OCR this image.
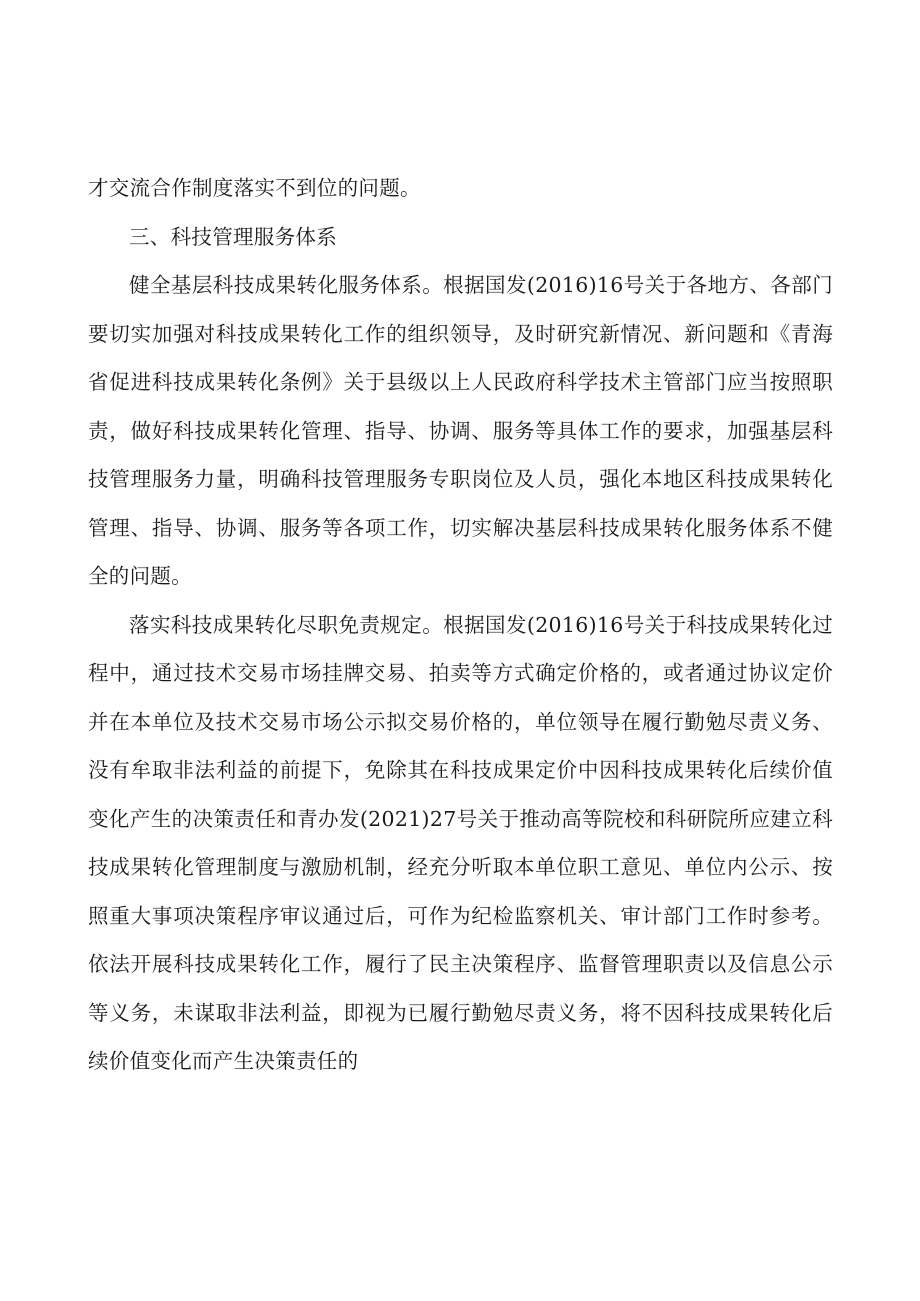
才交流合作制度落实不到位的问题。

三、科技管理服务体系

健全基层科技成果转化服务体系。根据国发(2016)16号关于各地方、各部门要切实加强对科技成果转化工作的组织领导，及时研究新情况、新问题和《青海省促进科技成果转化条例》关于县级以上人民政府科学技术主管部门应当按照职责，做好科技成果转化管理、指导、协调、服务等具体工作的要求，加强基层科技管理服务力量，明确科技管理服务专职岗位及人员，强化本地区科技成果转化管理、指导、协调、服务等各项工作，切实解决基层科技成果转化服务体系不健全的问题。

落实科技成果转化尽职免责规定。根据国发(2016)16号关于科技成果转化过程中，通过技术交易市场挂牌交易、拍卖等方式确定价格的，或者通过协议定价并在本单位及技术交易市场公示拟交易价格的，单位领导在履行勤勉尽责义务、没有牟取非法利益的前提下，免除其在科技成果定价中因科技成果转化后续价值变化产生的决策责任和青办发(2021)27号关于推动高等院校和科研院所应建立科技成果转化管理制度与激励机制，经充分听取本单位职工意见、单位内公示、按照重大事项决策程序审议通过后，可作为纪检监察机关、审计部门工作时参考。依法开展科技成果转化工作，履行了民主决策程序、监督管理职责以及信息公示等义务，未谋取非法利益，即视为已履行勤勉尽责义务，将不因科技成果转化后续价值变化而产生决策责任的
